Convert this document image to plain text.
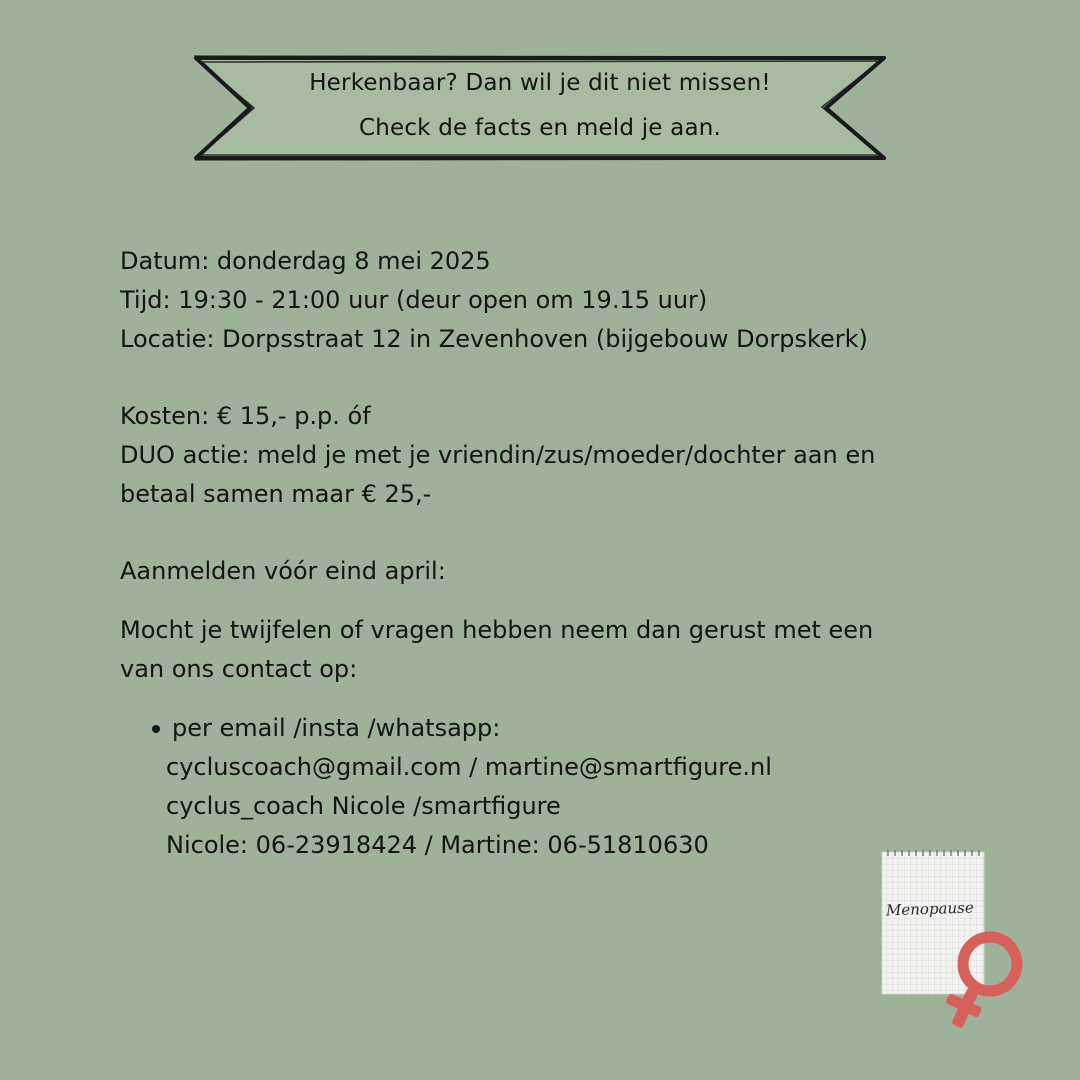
Herkenbaar? Dan wil je dit niet missen!
Check de facts en meld je aan.

Datum: donderdag 8 mei 2025

Tijd: 19:30 - 21:00 uur (deur open om 19.15 uur)

Locatie: Dorpsstraat 12 in Zevenhoven (bijgebouw Dorpskerk)

Kosten: € 15,- p.p. óf

DUO actie: meld je met je vriendin/zus/moeder/dochter aan en

betaal samen maar € 25,-

Aanmelden vóór eind april:

Mocht je twijfelen of vragen hebben neem dan gerust met een

van ons contact op:

per email /insta /whatsapp:
cycluscoach@gmail.com / martine@smartfigure.nl
cyclus_coach Nicole /smartfigure
Nicole: 06-23918424 / Martine: 06-51810630
Menopause
